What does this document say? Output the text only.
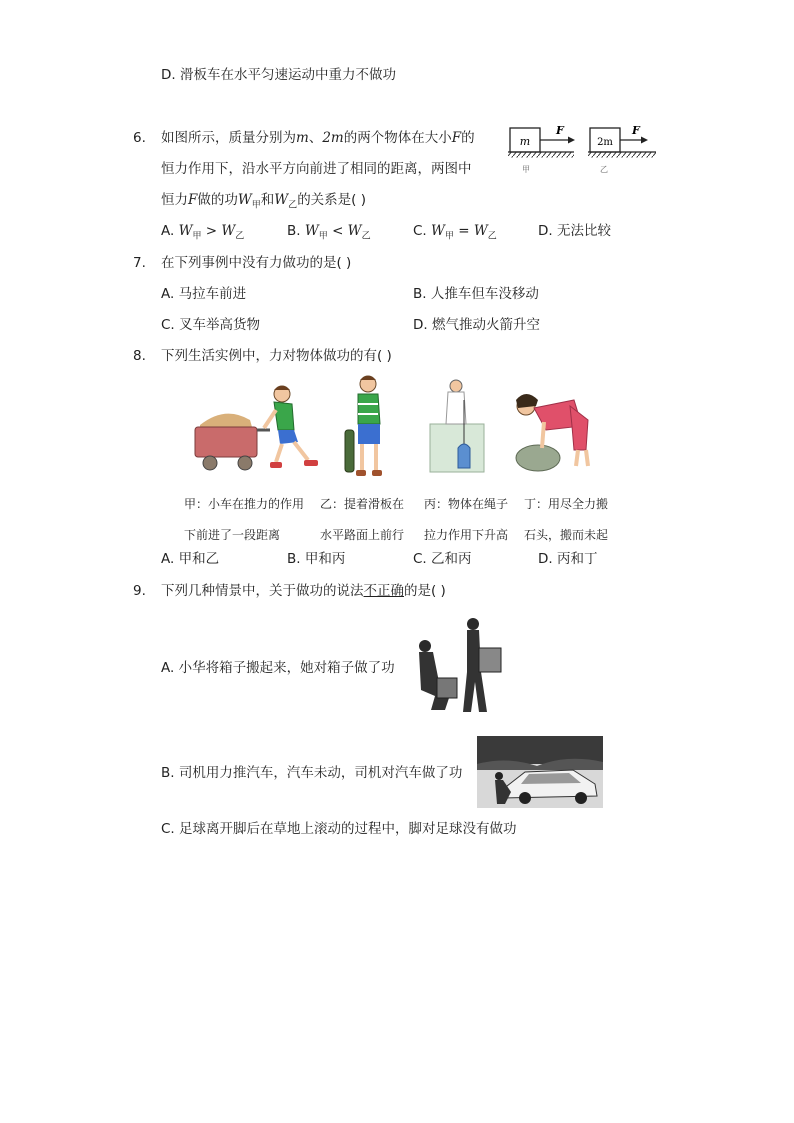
D. 滑板车在水平匀速运动中重力不做功
6. 如图所示，质量分别为m、2m的两个物体在大小F的
恒力作用下，沿水平方向前进了相同的距离，两图中
恒力F做的功$W_甲$和$W_乙$的关系是( )
m
F
甲
2m
F
乙
A. $W_甲 > W_乙$	B. $W_甲 < W_乙$	C. $W_甲 = W_乙$	D. 无法比较
7. 在下列事例中没有力做功的是( )
A. 马拉车前进	B. 人推车但车没移动
C. 叉车举高货物	D. 燃气推动火箭升空
8. 下列生活实例中，力对物体做功的有( )
甲：小车在推力的作用
下前进了一段距离
乙：提着滑板在
水平路面上前行
丙：物体在绳子
拉力作用下升高
丁：用尽全力搬
石头，搬而未起
A. 甲和乙	B. 甲和丙	C. 乙和丙	D. 丙和丁
9. 下列几种情景中，关于做功的说法不正确的是( )
A. 小华将箱子搬起来，她对箱子做了功
B. 司机用力推汽车，汽车未动，司机对汽车做了功
C. 足球离开脚后在草地上滚动的过程中，脚对足球没有做功
